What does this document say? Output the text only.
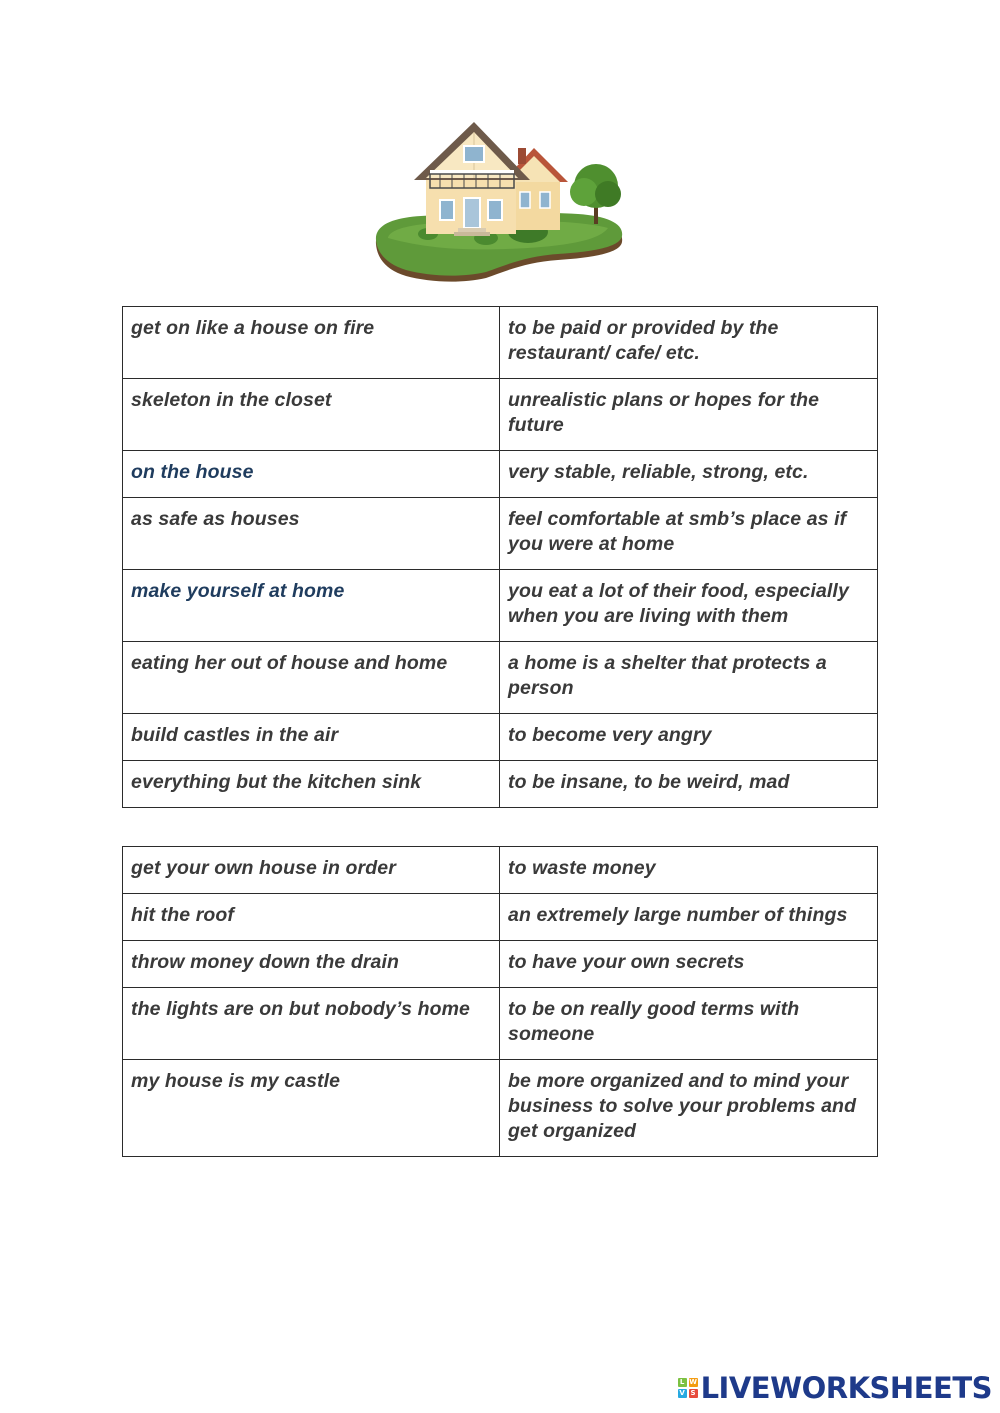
get on like a house on fire	to be paid or provided by the restaurant/ cafe/ etc.
skeleton in the closet	unrealistic plans or hopes for the future
on the house	very stable, reliable, strong, etc.
as safe as houses	feel comfortable at smb’s place as if you were at home
make yourself at home	you eat a lot of their food, especially when you are living with them
eating her out of house and home	a home is a shelter that protects a person
build castles in the air	to become very angry
everything but the kitchen sink	to be insane, to be weird, mad
get your own house in order	to waste money
hit the roof	an extremely large number of things
throw money down the drain	to have your own secrets
the lights are on but nobody’s home	to be on really good terms with someone
my house is my castle	be more organized and to mind your business to solve your problems and get organized
L W
V S LIVEWORKSHEETS
